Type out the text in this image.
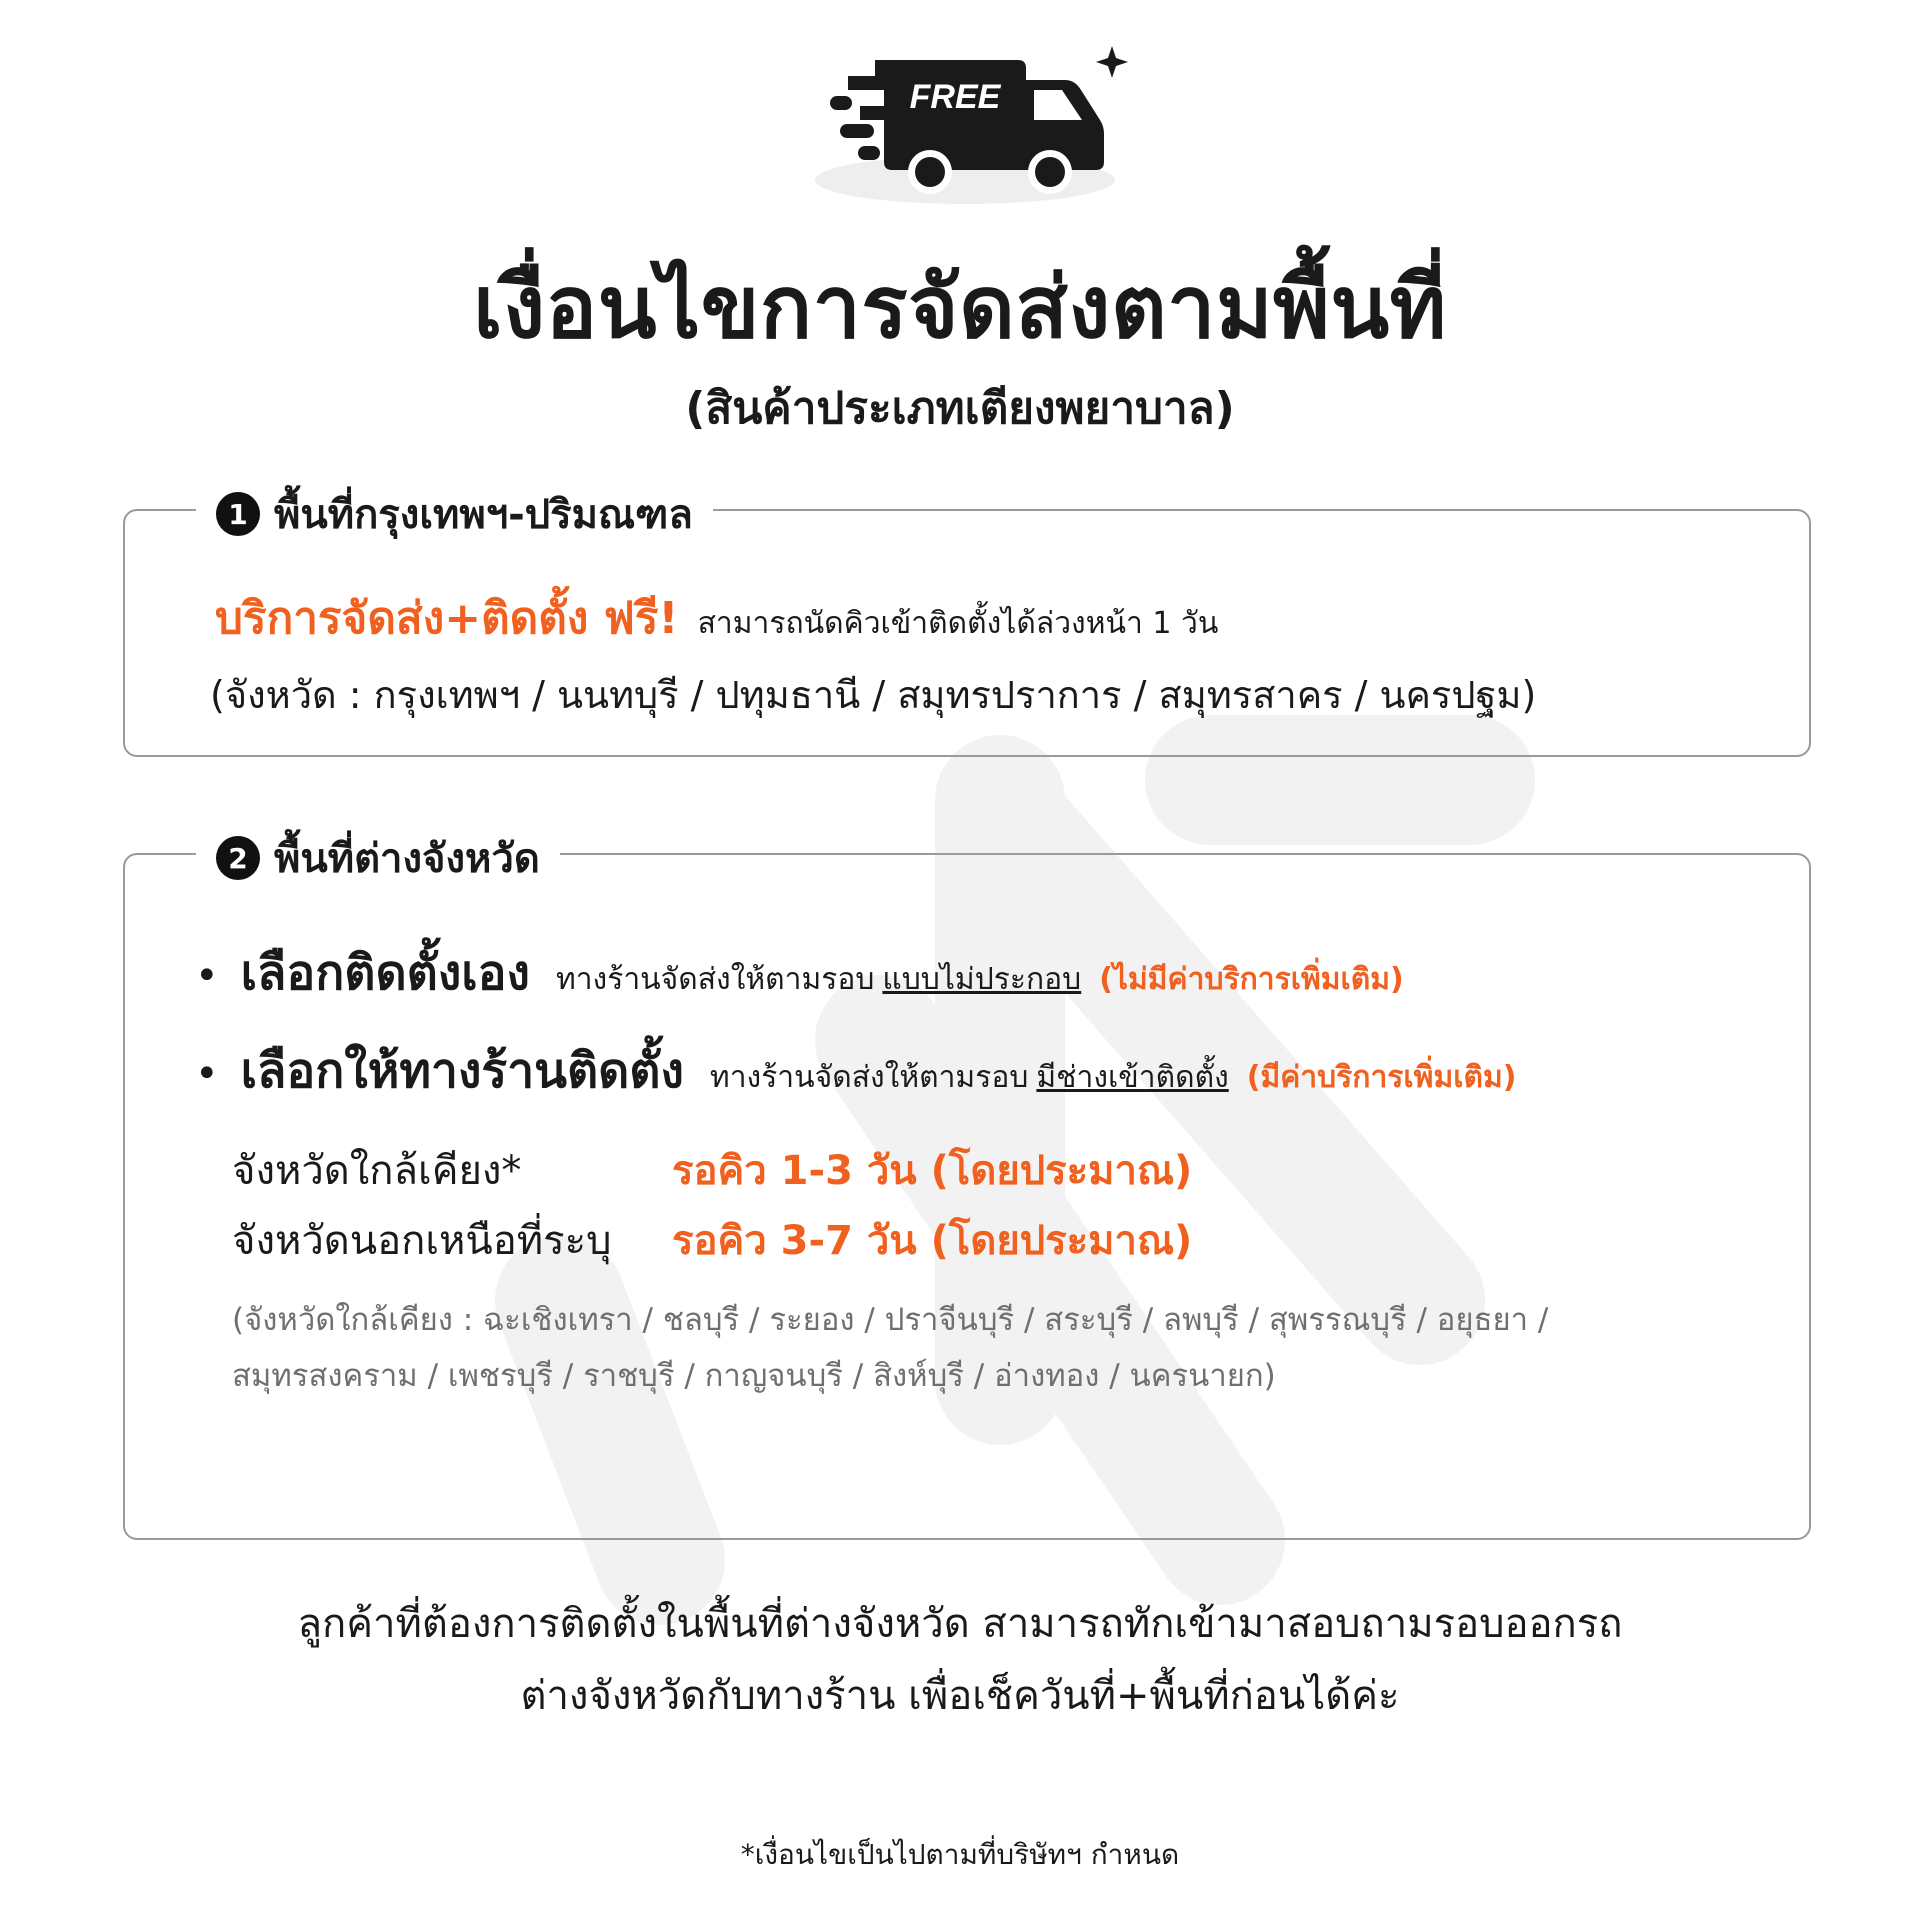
FREE
เงื่อนไขการจัดส่งตามพื้นที่
(สินค้าประเภทเตียงพยาบาล)
1 พื้นที่กรุงเทพฯ-ปริมณฑล
บริการจัดส่ง+ติดตั้ง ฟรี! สามารถนัดคิวเข้าติดตั้งได้ล่วงหน้า 1 วัน
(จังหวัด : กรุงเทพฯ / นนทบุรี / ปทุมธานี / สมุทรปราการ / สมุทรสาคร / นครปฐม)
2 พื้นที่ต่างจังหวัด
• เลือกติดตั้งเอง ทางร้านจัดส่งให้ตามรอบ แบบไม่ประกอบ (ไม่มีค่าบริการเพิ่มเติม)
• เลือกให้ทางร้านติดตั้ง ทางร้านจัดส่งให้ตามรอบ มีช่างเข้าติดตั้ง (มีค่าบริการเพิ่มเติม)
จังหวัดใกล้เคียง*	รอคิว 1-3 วัน (โดยประมาณ)
จังหวัดนอกเหนือที่ระบุ รอคิว 3-7 วัน (โดยประมาณ)
(จังหวัดใกล้เคียง : ฉะเชิงเทรา / ชลบุรี / ระยอง / ปราจีนบุรี / สระบุรี / ลพบุรี / สุพรรณบุรี / อยุธยา /
สมุทรสงคราม / เพชรบุรี / ราชบุรี / กาญจนบุรี / สิงห์บุรี / อ่างทอง / นครนายก)
ลูกค้าที่ต้องการติดตั้งในพื้นที่ต่างจังหวัด สามารถทักเข้ามาสอบถามรอบออกรถ
ต่างจังหวัดกับทางร้าน เพื่อเช็ควันที่+พื้นที่ก่อนได้ค่ะ
*เงื่อนไขเป็นไปตามที่บริษัทฯ กำหนด
